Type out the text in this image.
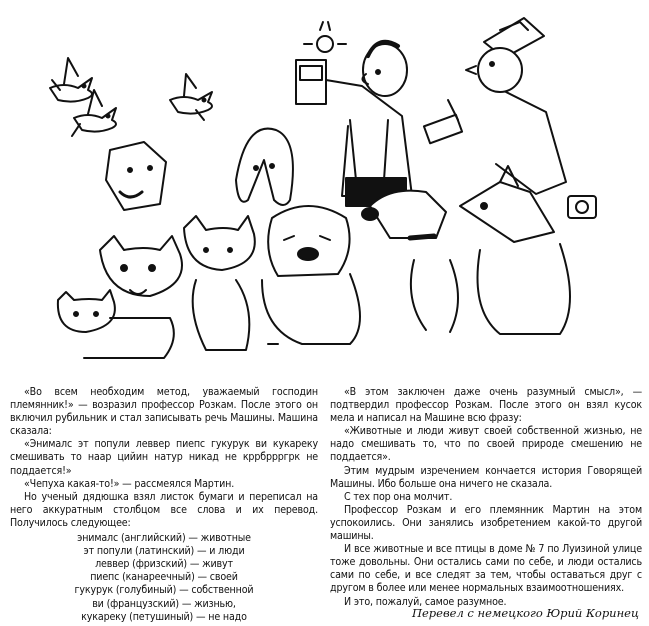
«Во всем необходим метод, уважаемый господин племянник!» — возразил профессор Розкам. После этого он включил рубильник и стал записывать речь Машины. Машина сказала:

«Энималс эт попули леввер пиепс гукурук ви кукареку смешивать то наар цийин натур никад не кррбррргрк не поддается!»

«Чепуха какая-то!» — рассмеялся Мартин.

Но ученый дядюшка взял листок бумаги и переписал на него аккуратным столбцом все слова и их перевод. Получилось следующее:

энималс (английский) — животные
эт попули (латинский) — и люди
леввер (фризский) — живут
пиепс (канареечный) — своей
гукурук (голубиный) — собственной
ви (французский) — жизнью,
кукареку (петушиный) — не надо

«В этом заключен даже очень разумный смысл», — подтвердил профессор Розкам. После этого он взял кусок мела и написал на Машине всю фразу:

«Животные и люди живут своей собственной жизнью, не надо смешивать то, что по своей природе смешению не поддается».

Этим мудрым изречением кончается история Говорящей Машины. Ибо больше она ничего не сказала.

С тех пор она молчит.

Профессор Розкам и его племянник Мартин на этом успокоились. Они занялись изобретением какой-то другой машины.

И все животные и все птицы в доме № 7 по Луизиной улице тоже довольны. Они остались сами по себе, и люди остались сами по себе, и все следят за тем, чтобы оставаться друг с другом в более или менее нормальных взаимоотношениях.

И это, пожалуй, самое разумное.

Перевел с немецкого Юрий Коринец
